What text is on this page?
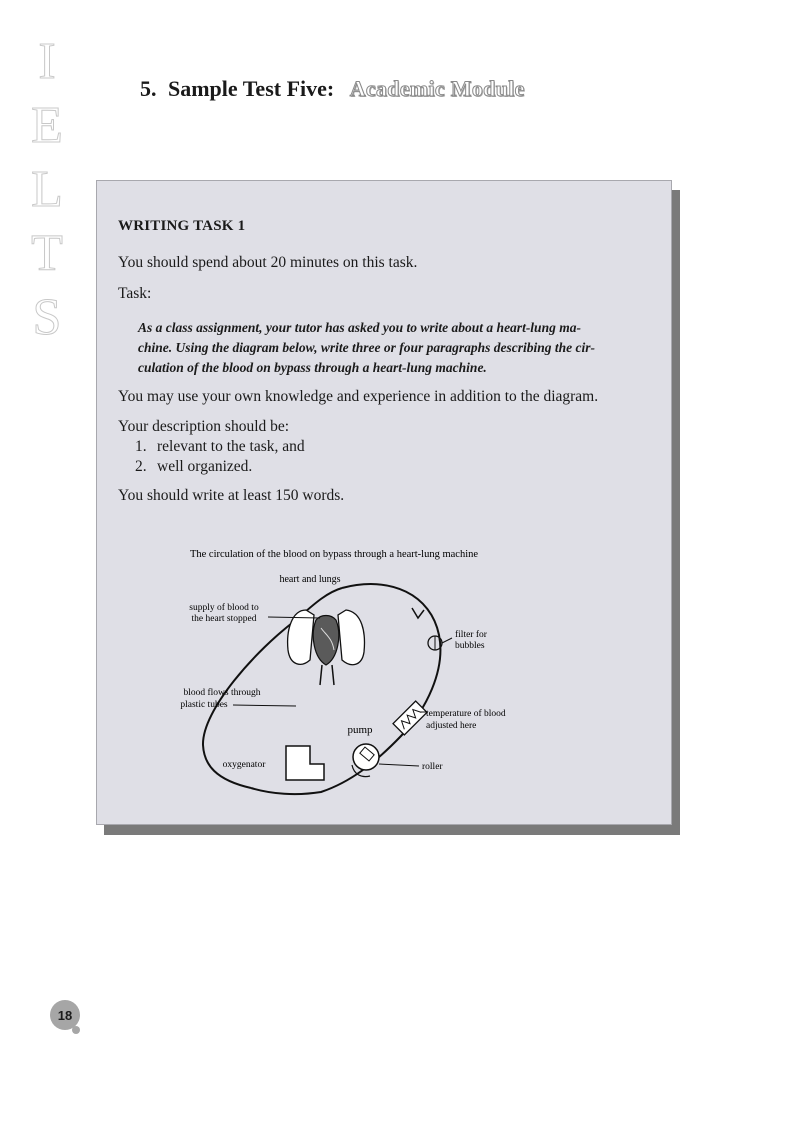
I
E
L
T
S
5. Sample Test Five: Academic Module
WRITING TASK 1
You should spend about 20 minutes on this task.
Task:
As a class assignment, your tutor has asked you to write about a heart-lung ma-
chine. Using the diagram below, write three or four paragraphs describing the cir-
culation of the blood on bypass through a heart-lung machine.
You may use your own knowledge and experience in addition to the diagram.
Your description should be:
1. relevant to the task, and
2. well organized.
You should write at least 150 words.
The circulation of the blood on bypass through a heart-lung machine
heart and lungs
supply of blood to
the heart stopped
filter for
bubbles
blood flows through
plastic tubes
temperature of blood
adjusted here
pump
roller
oxygenator
18
